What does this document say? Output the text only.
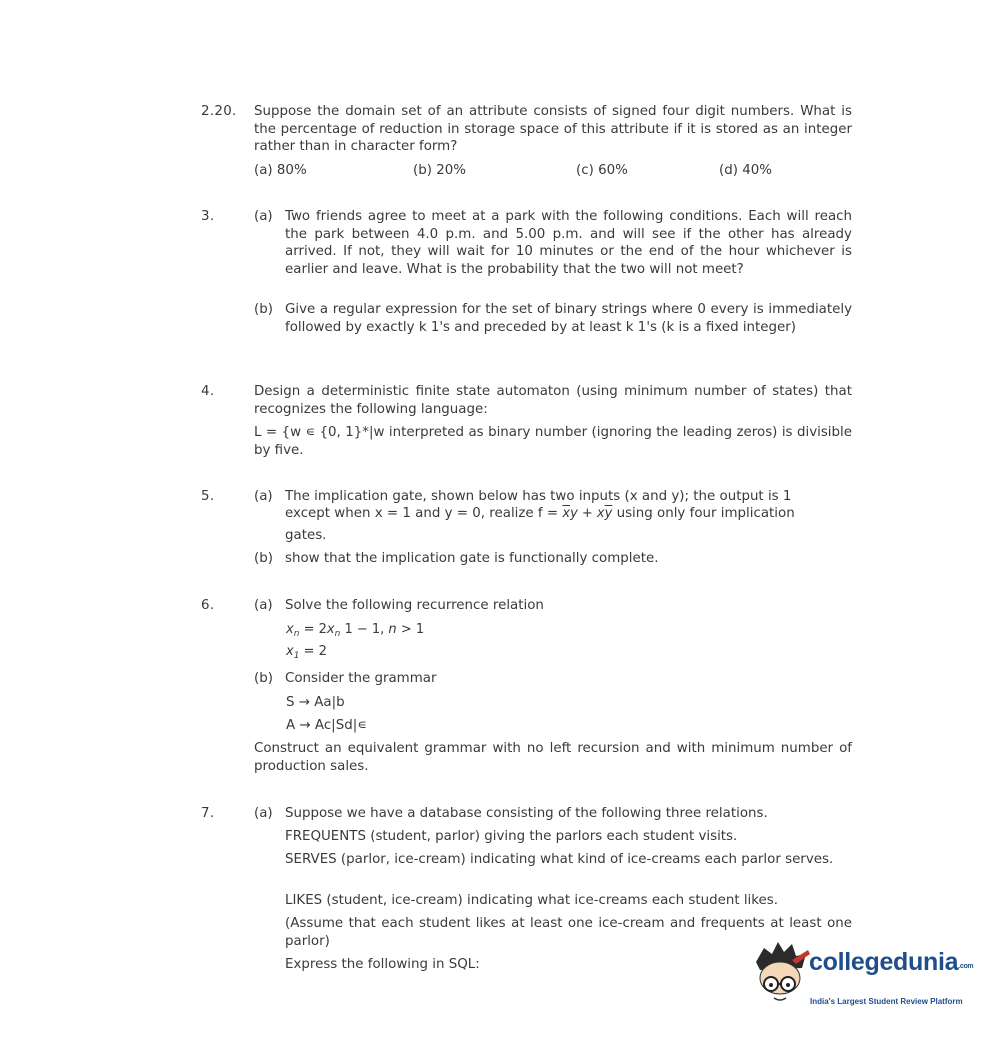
2.20. Suppose the domain set of an attribute consists of signed four digit numbers. What is the percentage of reduction in storage space of this attribute if it is stored as an integer rather than in character form?
(a) 80%	(b) 20%	(c) 60%	(d) 40%
3.	(a) Two friends agree to meet at a park with the following conditions. Each will reach the park between 4.0 p.m. and 5.00 p.m. and will see if the other has already arrived. If not, they will wait for 10 minutes or the end of the hour whichever is earlier and leave. What is the probability that the two will not meet?
(b) Give a regular expression for the set of binary strings where 0 every is immediately followed by exactly k 1's and preceded by at least k 1's (k is a fixed integer)
4.	Design a deterministic finite state automaton (using minimum number of states) that recognizes the following language:
L = {w ∊ {0, 1}*|w interpreted as binary number (ignoring the leading zeros) is divisible by five.
5.	(a) The implication gate, shown below has two inputs (x and y); the output is 1
except when x = 1 and y = 0, realize $f = \overline{x}y + x\overline{y}$ using only four implication
gates.
(b) show that the implication gate is functionally complete.
6.	(a) Solve the following recurrence relation
$x_n = 2x_n$ 1 − 1, n > 1
$x_1 = 2$
(b) Consider the grammar
S → Aa|b
A → Ac|Sd|∊
Construct an equivalent grammar with no left recursion and with minimum number of production sales.
7.	(a) Suppose we have a database consisting of the following three relations.
FREQUENTS (student, parlor) giving the parlors each student visits.
SERVES (parlor, ice-cream) indicating what kind of ice-creams each parlor serves.
LIKES (student, ice-cream) indicating what ice-creams each student likes.
(Assume that each student likes at least one ice-cream and frequents at least one parlor)
Express the following in SQL:	collegedunia.com
India's Largest Student Review Platform
